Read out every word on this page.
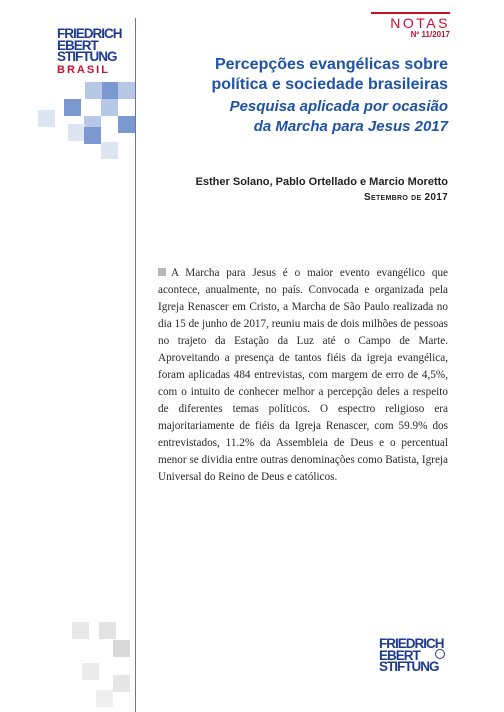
NOTAS
Nº 11/2017
FRIEDRICH
EBERT
STIFTUNG
BRASIL	Percepções evangélicas sobre
política e sociedade brasileiras
Pesquisa aplicada por ocasião
da Marcha para Jesus 2017
Esther Solano, Pablo Ortellado e Marcio Moretto
Setembro de 2017
A Marcha para Jesus é o maior evento evangélico que acontece, anualmente, no país. Convocada e organizada pela Igreja Renascer em Cristo, a Marcha de São Paulo realizada no dia 15 de junho de 2017, reuniu mais de dois milhões de pessoas no trajeto da Estação da Luz até o Campo de Marte. Aproveitando a presença de tantos fiéis da igreja evangélica, foram aplicadas 484 entrevistas, com margem de erro de 4,5%, com o intuito de conhecer melhor a percepção deles a respeito de diferentes temas políticos. O espectro religioso era majoritariamente de fiéis da Igreja Renascer, com 59.9% dos entrevistados, 11.2% da Assembleia de Deus e o percentual menor se dividia entre outras denominações como Batista, Igreja Universal do Reino de Deus e católicos.
FRIEDRICH
EBERT
STIFTUNG
